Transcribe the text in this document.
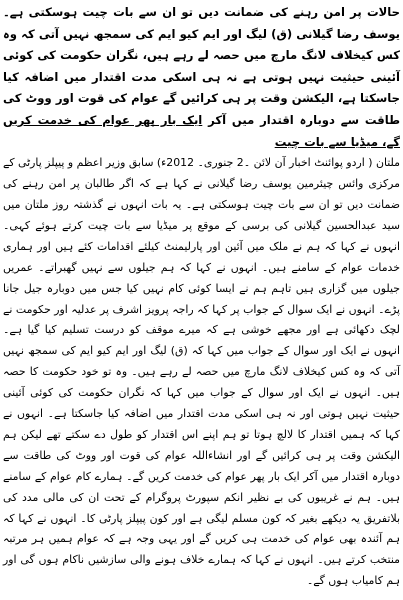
حالات پر امن رہنے کی ضمانت دیں تو ان سے بات چیت ہوسکتی ہے۔ یوسف رضا گیلانی (ق) لیگ اور ایم کیو ایم کی سمجھ نہیں آتی کہ وہ کس کیخلاف لانگ مارچ میں حصہ لے رہے ہیں، نگران حکومت کی کوئی آئینی حیثیت نہیں ہوتی ہے نہ ہی اسکی مدت اقتدار میں اضافہ کیا جاسکتا ہے، الیکشن وقت پر ہی کرائیں گے عوام کی قوت اور ووٹ کی طاقت سے دوبارہ اقتدار میں آکر ایک بار پھر عوام کی خدمت کریں گے، میڈیا سے بات چیت

ملتان ( اردو پوائنٹ اخبار آن لائن ۔2 جنوری۔ 2012ء) سابق وزیر اعظم و پیپلز پارٹی کے مرکزی وائس چیئرمین یوسف رضا گیلانی نے کہا ہے کہ اگر طالبان پر امن رہنے کی ضمانت دیں تو ان سے بات چیت ہوسکتی ہے۔ یہ بات انہوں نے گذشتہ روز ملتان میں سید عبدالحسین گیلانی کی برسی کے موقع پر میڈیا سے بات چیت کرتے ہوئے کہی۔ انہوں نے کہا کہ ہم نے ملک میں آئین اور پارلیمنٹ کیلئے اقدامات کئے ہیں اور ہماری خدمات عوام کے سامنے ہیں۔ انہوں نے کہا کہ ہم جیلوں سے نہیں گھبراتے۔ عمریں جیلوں میں گزاری ہیں تاہم ہم نے ایسا کوئی کام نہیں کیا جس میں دوبارہ جیل جانا پڑے۔ انہوں نے ایک سوال کے جواب پر کہا کہ راجہ پرویز اشرف پر عدلیہ اور حکومت نے لچک دکھائی ہے اور مجھے خوشی ہے کہ میرے موقف کو درست تسلیم کیا گیا ہے۔ انہوں نے ایک اور سوال کے جواب میں کہا کہ (ق) لیگ اور ایم کیو ایم کی سمجھ نہیں آتی کہ وہ کس کیخلاف لانگ مارچ میں حصہ لے رہے ہیں۔ وہ تو خود حکومت کا حصہ ہیں۔ انہوں نے ایک اور سوال کے جواب میں کہا کہ نگران حکومت کی کوئی آئینی حیثیت نہیں ہوتی اور نہ ہی اسکی مدت اقتدار میں اضافہ کیا جاسکتا ہے۔ انہوں نے کہا کہ ہمیں اقتدار کا لالچ ہوتا تو ہم اپنے اس اقتدار کو طول دے سکتے تھے لیکن ہم الیکشن وقت پر ہی کرائیں گے اور انشاءاللہ عوام کی قوت اور ووٹ کی طاقت سے دوبارہ اقتدار میں آکر ایک بار پھر عوام کی خدمت کریں گے۔ ہمارے کام عوام کے سامنے ہیں۔ ہم نے غریبوں کی بے نظیر انکم سپورٹ پروگرام کے تحت ان کی مالی مدد کی بلاتفریق یہ دیکھے بغیر کہ کون مسلم لیگی ہے اور کون پیپلز پارٹی کا۔ انہوں نے کہا کہ ہم آئندہ بھی عوام کی خدمت ہی کریں گے اور یہی وجہ ہے کہ عوام ہمیں ہر مرتبہ منتخب کرتے ہیں۔ انہوں نے کہا کہ ہمارے خلاف ہونے والی سازشیں ناکام ہوں گی اور ہم کامیاب ہوں گے۔
